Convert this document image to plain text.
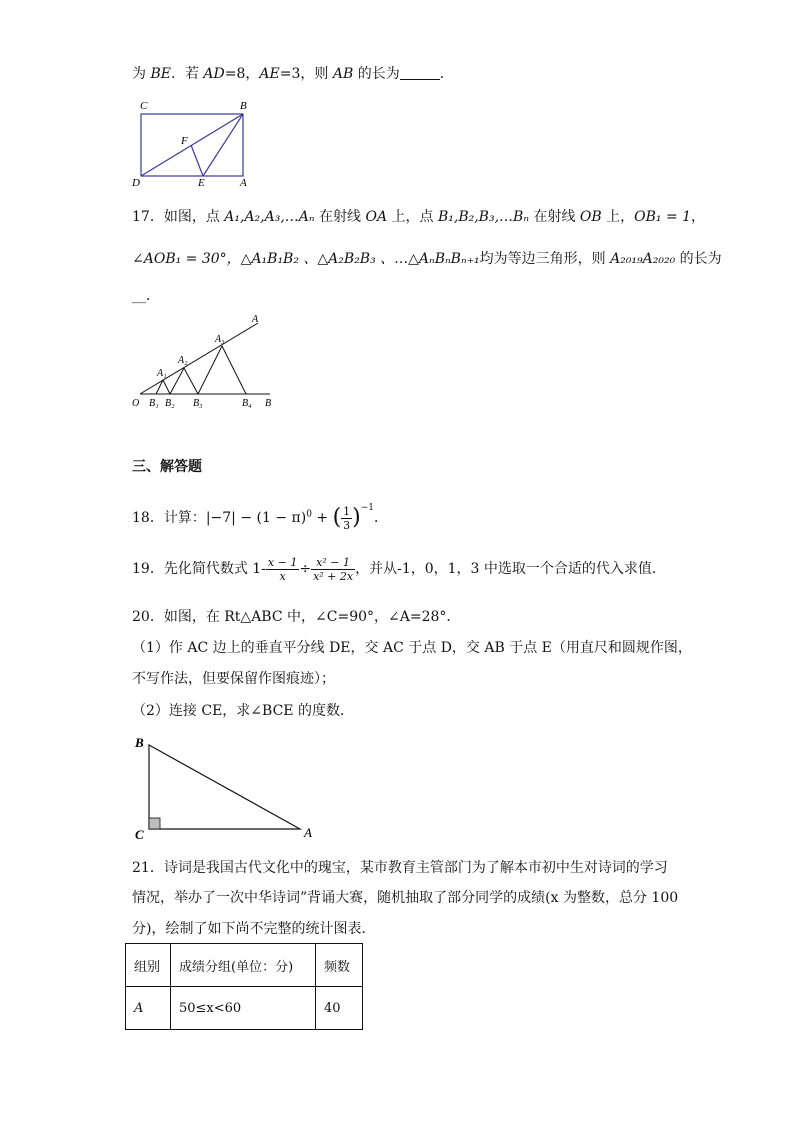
为 BE．若 AD=8，AE=3，则 AB 的长为	．
C	B
F
D	E	A
17．如图，点 A₁,A₂,A₃,…Aₙ 在射线 OA 上，点 B₁,B₂,B₃,…Bₙ 在射线 OB 上，OB₁ = 1，
∠AOB₁ = 30°，△A₁B₁B₂ 、△A₂B₂B₃ 、…△AₙBₙBₙ₊₁均为等边三角形，则 A₂₀₁₉A₂₀₂₀ 的长为
__．
A
A₁
A₂
A₃
O B₁ B₂ B₃	B₄ B
三、解答题
18．计算：$|-7| - (1 - \pi)^0$ + ( $\frac{1}{3} )^{-1}$．
19．先化简代数式 $1- \frac{x - 1}{x} \div \frac{\text{x² − 1}}{\text{x² + 2x}}$ ，并从-1，0，1，3 中选取一个合适的代入求值．
20．如图，在 Rt△ABC 中，∠C=90°，∠A=28°．
（1）作 AC 边上的垂直平分线 DE，交 AC 于点 D，交 AB 于点 E（用直尺和圆规作图，
不写作法，但要保留作图痕迹）；
（2）连接 CE，求∠BCE 的度数．
B
C	A
21．诗词是我国古代文化中的瑰宝，某市教育主管部门为了解本市初中生对诗词的学习
情况，举办了一次中华诗词”背诵大赛，随机抽取了部分同学的成绩(x 为整数，总分 100
分)，绘制了如下尚不完整的统计图表．
组别	成绩分组(单位：分)	频数
A	50≤x<60	40
